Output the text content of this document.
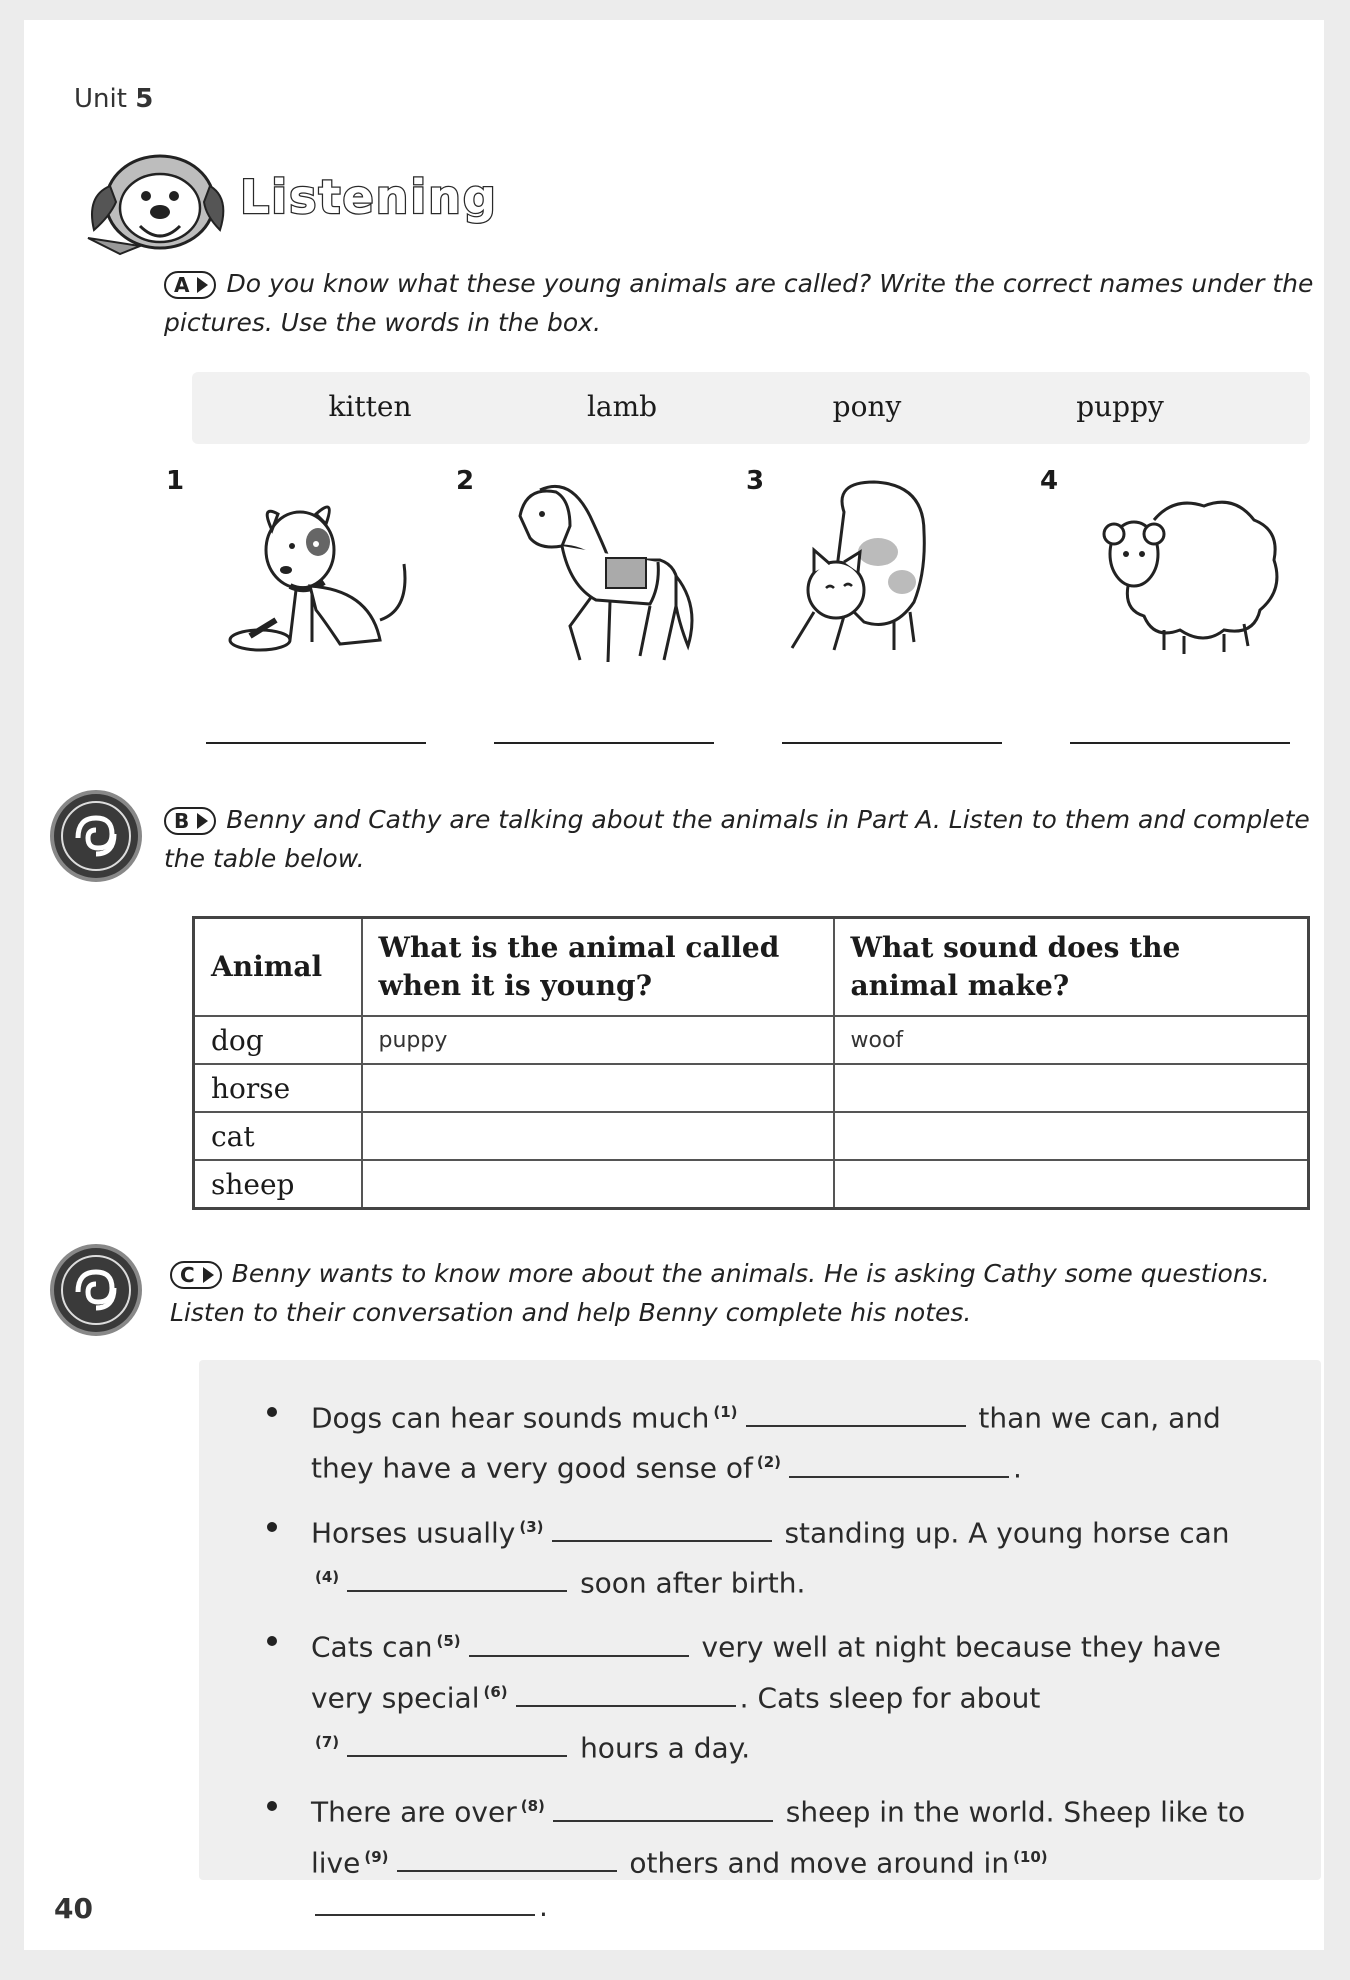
Unit 5
Listening
A Do you know what these young animals are called? Write the correct names under the pictures. Use the words in the box.
kitten	lamb	pony	puppy
1	2	3	4
B Benny and Cathy are talking about the animals in Part A. Listen to them and complete the table below.
Animal	What is the animal called when it is young?	What sound does the animal make?
dog	puppy	woof
horse		
cat		
sheep		
C Benny wants to know more about the animals. He is asking Cathy some questions. Listen to their conversation and help Benny complete his notes.
Dogs can hear sounds much $^{(1)}$	than we can, and
they have a very good sense of $^{(2)}$	.
Horses usually $^{(3)}$	standing up. A young horse can
$^{(4)}$	soon after birth.
Cats can $^{(5)}$	very well at night because they have
very special $^{(6)}$	. Cats sleep for about
$^{(7)}$	hours a day.
There are over $^{(8)}$	sheep in the world. Sheep like to
live $^{(9)}$	others and move around in $^{(10)}$.
40
